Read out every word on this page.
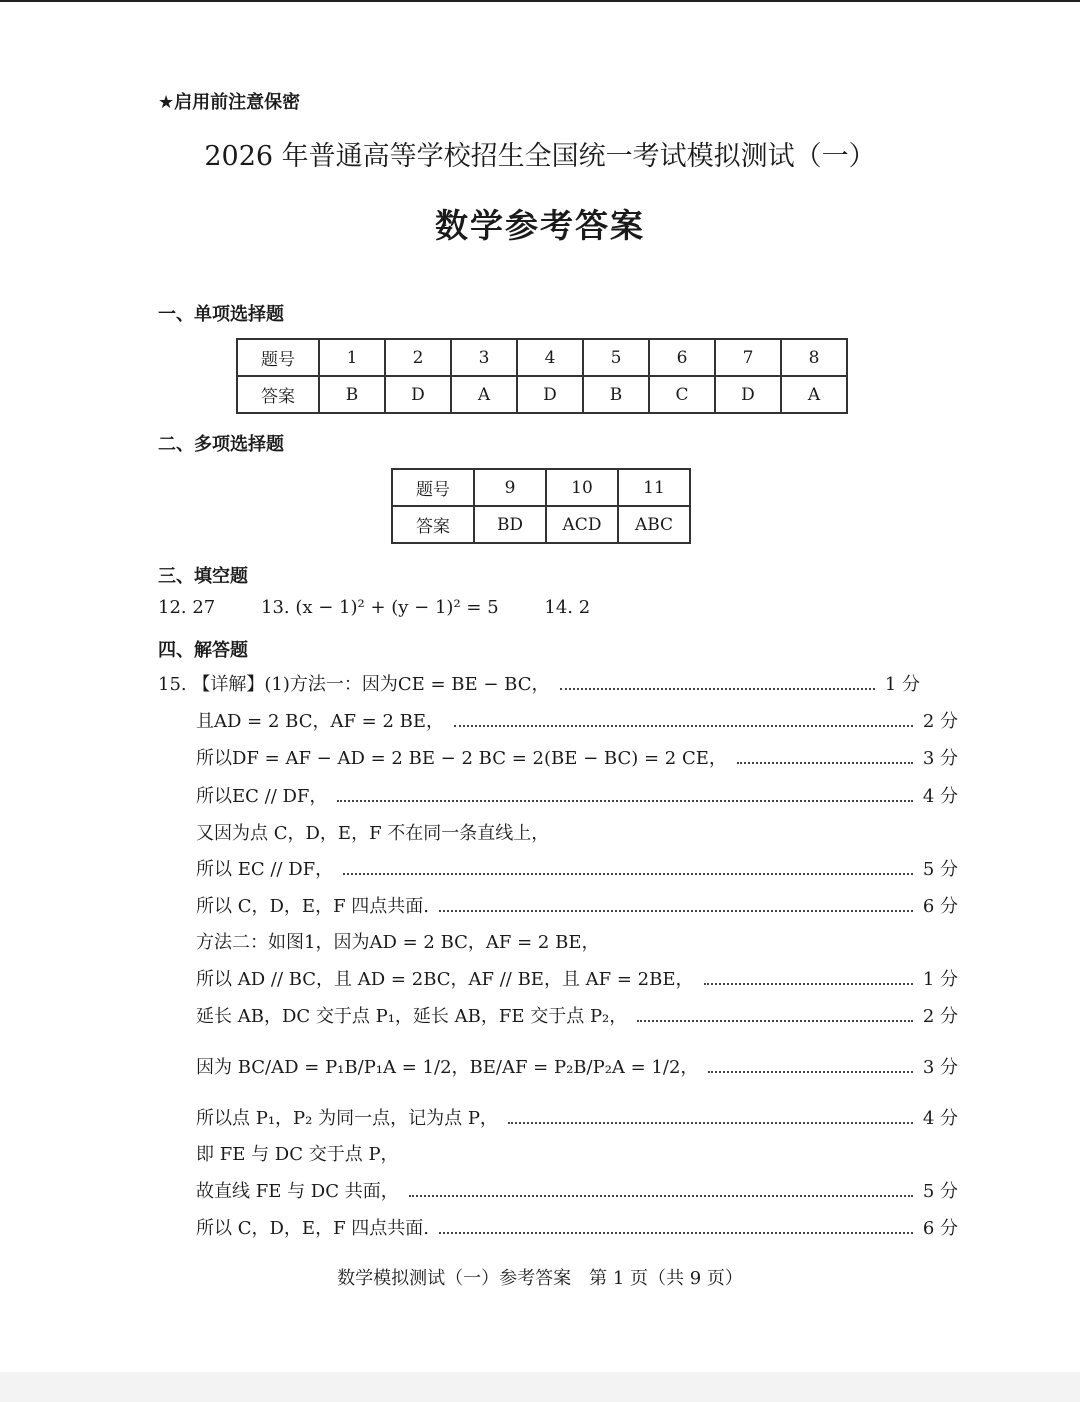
★启用前注意保密
2026 年普通高等学校招生全国统一考试模拟测试（一）
数学参考答案
一、单项选择题
题号	1	2	3	4	5	6	7	8
答案	B	D	A	D	B	C	D	A
二、多项选择题
题号	9	10	11
答案	BD	ACD	ABC
三、填空题
12. 27	13. (x − 1)² + (y − 1)² = 5	14. 2
四、解答题
15. 【详解】(1)方法一：因为CE = BE − BC，	1 分
且AD = 2 BC，AF = 2 BE，	2 分
所以DF = AF − AD = 2 BE − 2 BC = 2(BE − BC) = 2 CE，	3 分
所以EC // DF，	4 分
又因为点 C，D，E，F 不在同一条直线上，
所以 EC // DF，	5 分
所以 C，D，E，F 四点共面.	6 分
方法二：如图1，因为AD = 2 BC，AF = 2 BE，
所以 AD // BC，且 AD = 2BC，AF // BE，且 AF = 2BE，	1 分
延长 AB，DC 交于点 P₁，延长 AB，FE 交于点 P₂，	2 分
因为 BC/AD = P₁B/P₁A = 1/2，BE/AF = P₂B/P₂A = 1/2，	3 分
所以点 P₁，P₂ 为同一点，记为点 P，	4 分
即 FE 与 DC 交于点 P，
故直线 FE 与 DC 共面，	5 分
所以 C，D，E，F 四点共面.	6 分
数学模拟测试（一）参考答案　第 1 页（共 9 页）
